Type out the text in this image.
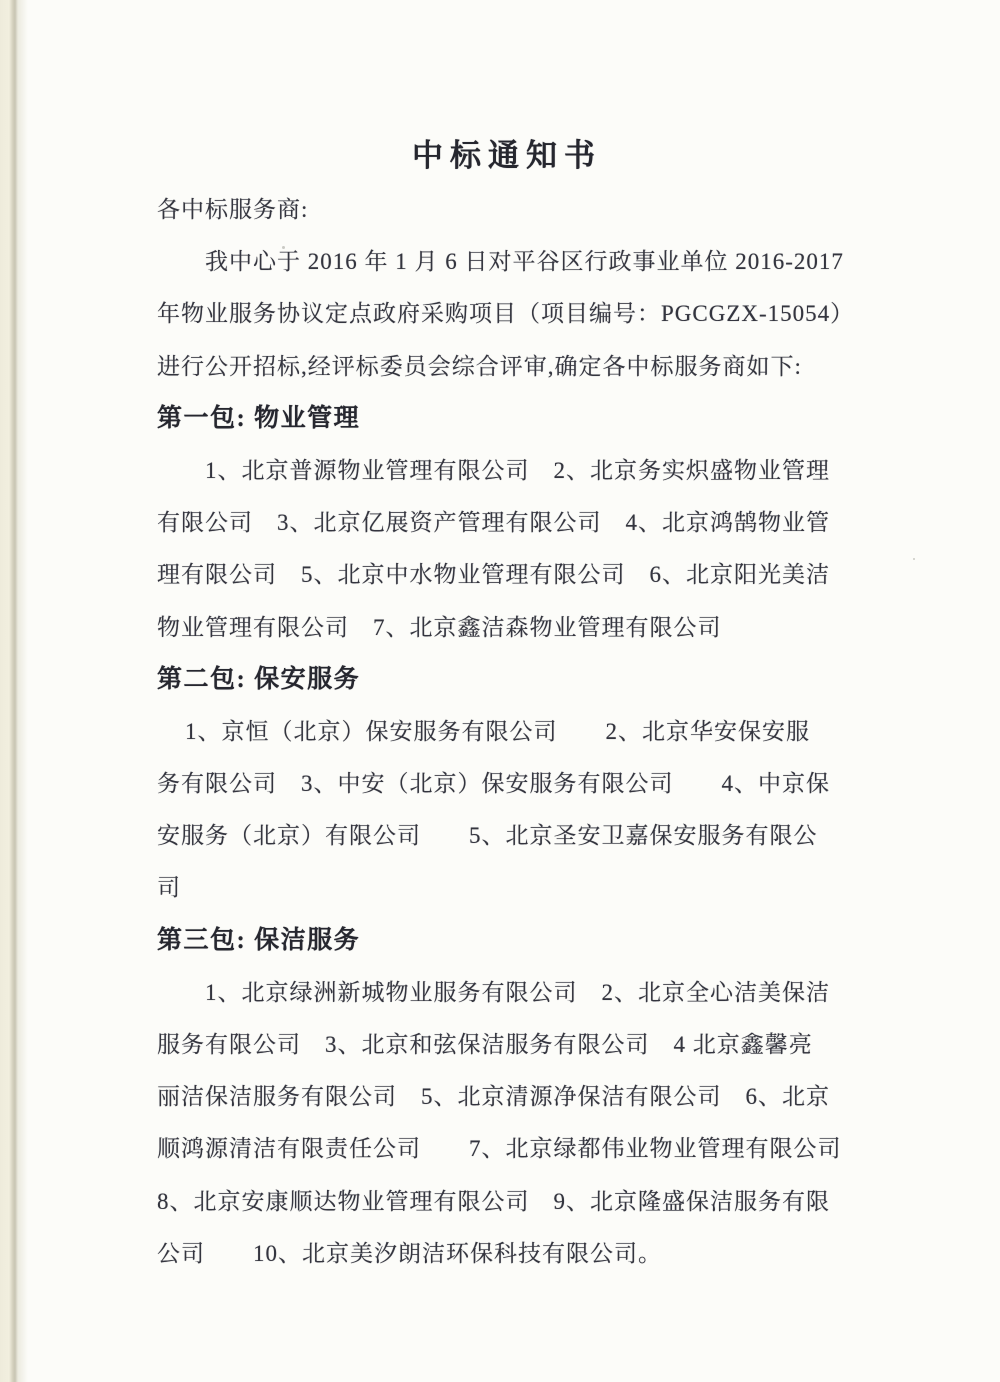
中标通知书
各中标服务商:
我中心于 2016 年 1 月 6 日对平谷区行政事业单位 2016-2017
年物业服务协议定点政府采购项目（项目编号：PGCGZX-15054）
进行公开招标,经评标委员会综合评审,确定各中标服务商如下:
第一包: 物业管理
1、北京普源物业管理有限公司　2、北京务实炽盛物业管理
有限公司　3、北京亿展资产管理有限公司　4、北京鸿鹄物业管
理有限公司　5、北京中水物业管理有限公司　6、北京阳光美洁
物业管理有限公司　7、北京鑫洁森物业管理有限公司
第二包: 保安服务
1、京恒（北京）保安服务有限公司　　2、北京华安保安服
务有限公司　3、中安（北京）保安服务有限公司　　4、中京保
安服务（北京）有限公司　　5、北京圣安卫嘉保安服务有限公
司
第三包: 保洁服务
1、北京绿洲新城物业服务有限公司　2、北京全心洁美保洁
服务有限公司　3、北京和弦保洁服务有限公司　4 北京鑫馨亮
丽洁保洁服务有限公司　5、北京清源净保洁有限公司　6、北京
顺鸿源清洁有限责任公司　　7、北京绿都伟业物业管理有限公司
8、北京安康顺达物业管理有限公司　9、北京隆盛保洁服务有限
公司　　10、北京美汐朗洁环保科技有限公司。
